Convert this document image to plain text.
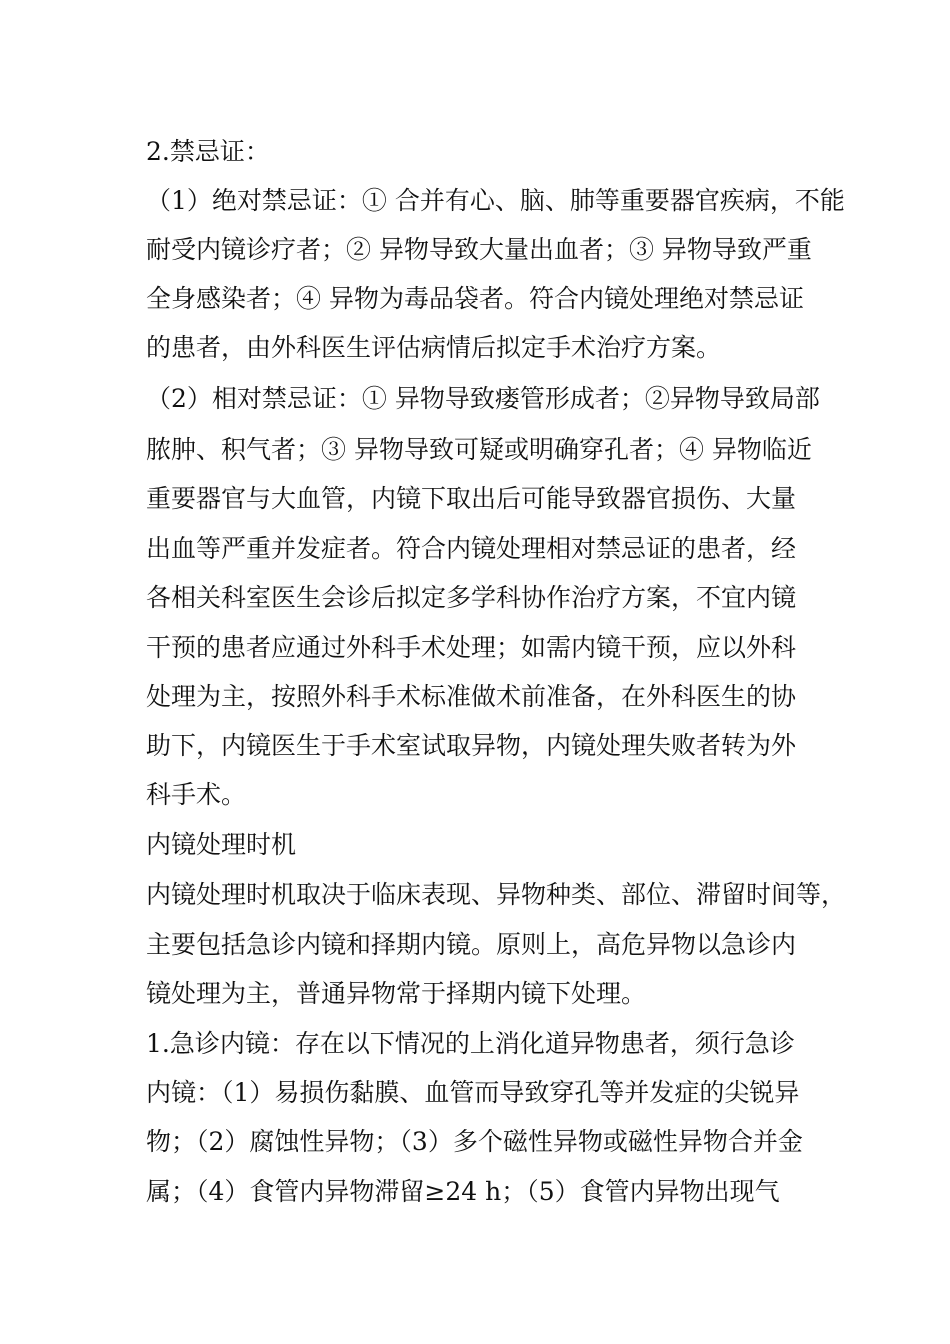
2.禁忌证：
（1）绝对禁忌证：① 合并有心、脑、肺等重要器官疾病，不能
耐受内镜诊疗者；② 异物导致大量出血者；③ 异物导致严重
全身感染者；④ 异物为毒品袋者。符合内镜处理绝对禁忌证
的患者，由外科医生评估病情后拟定手术治疗方案。
（2）相对禁忌证：① 异物导致瘘管形成者；②异物导致局部
脓肿、积气者；③ 异物导致可疑或明确穿孔者；④ 异物临近
重要器官与大血管，内镜下取出后可能导致器官损伤、大量
出血等严重并发症者。符合内镜处理相对禁忌证的患者，经
各相关科室医生会诊后拟定多学科协作治疗方案，不宜内镜
干预的患者应通过外科手术处理；如需内镜干预，应以外科
处理为主，按照外科手术标准做术前准备，在外科医生的协
助下，内镜医生于手术室试取异物，内镜处理失败者转为外
科手术。
内镜处理时机
内镜处理时机取决于临床表现、异物种类、部位、滞留时间等，
主要包括急诊内镜和择期内镜。原则上，高危异物以急诊内
镜处理为主，普通异物常于择期内镜下处理。
1.急诊内镜：存在以下情况的上消化道异物患者，须行急诊
内镜：（1）易损伤黏膜、血管而导致穿孔等并发症的尖锐异
物；（2）腐蚀性异物；（3）多个磁性异物或磁性异物合并金
属；（4）食管内异物滞留≥24 h；（5）食管内异物出现气
